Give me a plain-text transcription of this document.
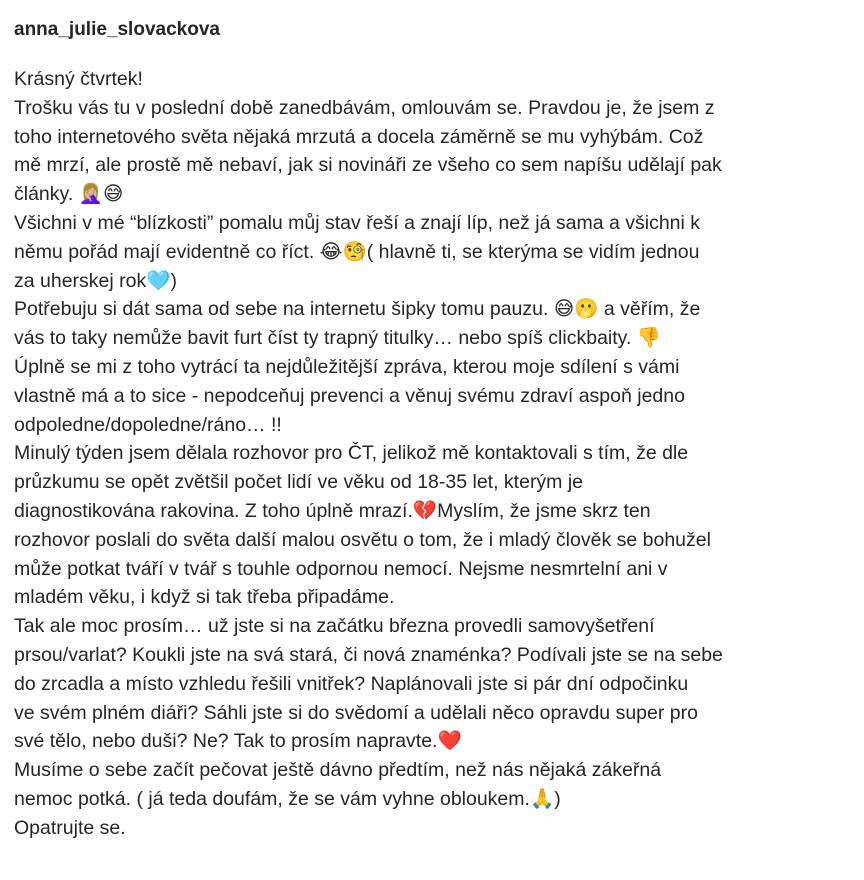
anna_julie_slovackova
Krásný čtvrtek!
Trošku vás tu v poslední době zanedbávám, omlouvám se. Pravdou je, že jsem z
toho internetového světa nějaká mrzutá a docela záměrně se mu vyhýbám. Což
mě mrzí, ale prostě mě nebaví, jak si novináři ze všeho co sem napíšu udělají pak
články. 🤦🏼‍♀️😅
Všichni v mé “blízkosti” pomalu můj stav řeší a znají líp, než já sama a všichni k
němu pořád mají evidentně co říct. 😂🧐( hlavně ti, se kterýma se vidím jednou
za uherskej rok🩵)
Potřebuju si dát sama od sebe na internetu šipky tomu pauzu. 😅🫢 a věřím, že
vás to taky nemůže bavit furt číst ty trapný titulky… nebo spíš clickbaity. 👎
Úplně se mi z toho vytrácí ta nejdůležitější zpráva, kterou moje sdílení s vámi
vlastně má a to sice - nepodceňuj prevenci a věnuj svému zdraví aspoň jedno
odpoledne/dopoledne/ráno… !!
Minulý týden jsem dělala rozhovor pro ČT, jelikož mě kontaktovali s tím, že dle
průzkumu se opět zvětšil počet lidí ve věku od 18-35 let, kterým je
diagnostikována rakovina. Z toho úplně mrazí.💔Myslím, že jsme skrz ten
rozhovor poslali do světa další malou osvětu o tom, že i mladý člověk se bohužel
může potkat tváří v tvář s touhle odpornou nemocí. Nejsme nesmrtelní ani v
mladém věku, i když si tak třeba připadáme.
Tak ale moc prosím… už jste si na začátku března provedli samovyšetření
prsou/varlat? Koukli jste na svá stará, či nová znaménka? Podívali jste se na sebe
do zrcadla a místo vzhledu řešili vnitřek? Naplánovali jste si pár dní odpočinku
ve svém plném diáři? Sáhli jste si do svědomí a udělali něco opravdu super pro
své tělo, nebo duši? Ne? Tak to prosím napravte.❤️
Musíme o sebe začít pečovat ještě dávno předtím, než nás nějaká zákeřná
nemoc potká. ( já teda doufám, že se vám vyhne obloukem.🙏)
Opatrujte se.
